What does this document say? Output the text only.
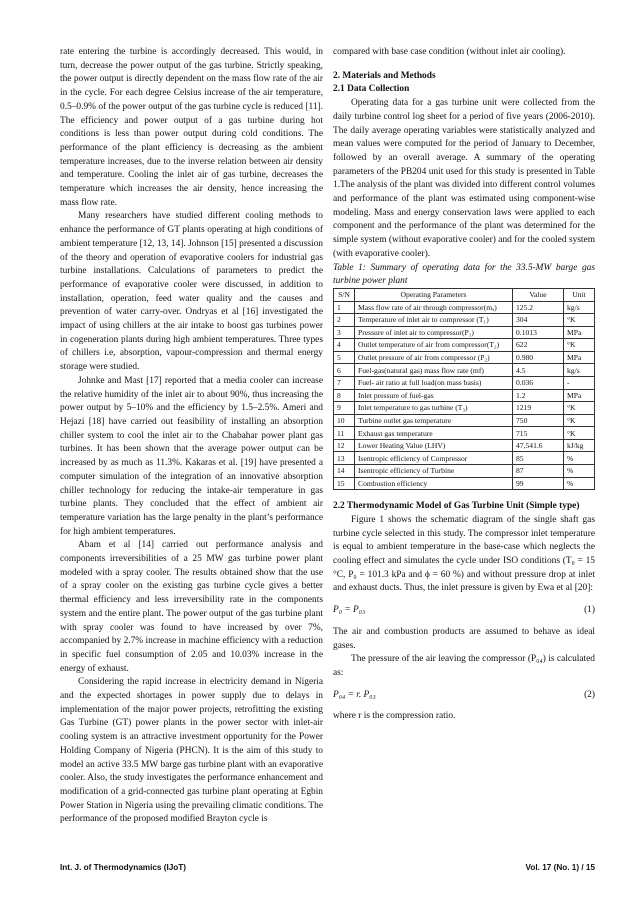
rate entering the turbine is accordingly decreased. This would, in turn, decrease the power output of the gas turbine. Strictly speaking, the power output is directly dependent on the mass flow rate of the air in the cycle. For each degree Celsius increase of the air temperature, 0.5–0.9% of the power output of the gas turbine cycle is reduced [11]. The efficiency and power output of a gas turbine during hot conditions is less than power output during cold conditions. The performance of the plant efficiency is decreasing as the ambient temperature increases, due to the inverse relation between air density and temperature. Cooling the inlet air of gas turbine, decreases the temperature which increases the air density, hence increasing the mass flow rate.

Many researchers have studied different cooling methods to enhance the performance of GT plants operating at high conditions of ambient temperature [12, 13, 14]. Johnson [15] presented a discussion of the theory and operation of evaporative coolers for industrial gas turbine installations. Calculations of parameters to predict the performance of evaporative cooler were discussed, in addition to installation, operation, feed water quality and the causes and prevention of water carry-over. Ondryas et al [16] investigated the impact of using chillers at the air intake to boost gas turbines power in cogeneration plants during high ambient temperatures. Three types of chillers i.e, absorption, vapour-compression and thermal energy storage were studied.

Johnke and Mast [17] reported that a media cooler can increase the relative humidity of the inlet air to about 90%, thus increasing the power output by 5–10% and the efficiency by 1.5–2.5%. Ameri and Hejazi [18] have carried out feasibility of installing an absorption chiller system to cool the inlet air to the Chabahar power plant gas turbines. It has been shown that the average power output can be increased by as much as 11.3%. Kakaras et al. [19] have presented a computer simulation of the integration of an innovative absorption chiller technology for reducing the intake-air temperature in gas turbine plants. They concluded that the effect of ambient air temperature variation has the large penalty in the plant’s performance for high ambient temperatures.

Abam et al [14] carried out performance analysis and components irreversibilities of a 25 MW gas turbine power plant modeled with a spray cooler. The results obtained show that the use of a spray cooler on the existing gas turbine cycle gives a better thermal efficiency and less irreversibility rate in the components system and the entire plant. The power output of the gas turbine plant with spray cooler was found to have increased by over 7%, accompanied by 2.7% increase in machine efficiency with a reduction in specific fuel consumption of 2.05 and 10.03% increase in the energy of exhaust.

Considering the rapid increase in electricity demand in Nigeria and the expected shortages in power supply due to delays in implementation of the major power projects, retrofitting the existing Gas Turbine (GT) power plants in the power sector with inlet-air cooling system is an attractive investment opportunity for the Power Holding Company of Nigeria (PHCN). It is the aim of this study to model an active 33.5 MW barge gas turbine plant with an evaporative cooler. Also, the study investigates the performance enhancement and modification of a grid-connected gas turbine plant operating at Egbin Power Station in Nigeria using the prevailing climatic conditions. The performance of the proposed modified Brayton cycle is

compared with base case condition (without inlet air cooling).

2. Materials and Methods

2.1 Data Collection

Operating data for a gas turbine unit were collected from the daily turbine control log sheet for a period of five years (2006-2010). The daily average operating variables were statistically analyzed and mean values were computed for the period of January to December, followed by an overall average. A summary of the operating parameters of the PB204 unit used for this study is presented in Table 1.The analysis of the plant was divided into different control volumes and performance of the plant was estimated using component-wise modeling. Mass and energy conservation laws were applied to each component and the performance of the plant was determined for the simple system (without evaporative cooler) and for the cooled system (with evaporative cooler).

Table 1: Summary of operating data for the 33.5-MW barge gas turbine power plant

S/N	Operating Parameters	Value	Unit
1	Mass flow rate of air through compressor(mₐ)	125.2	kg/s
2	Temperature of inlet air to compressor (T₁)	304	°K
3	Pressure of inlet air to compressor(P₁)	0.1013	MPa
4	Outlet temperature of air from compressor(T₂)	622	°K
5	Outlet pressure of air from compressor (P₂)	0.980	MPa
6	Fuel-gas(natural gas) mass flow rate (mf)	4.5	kg/s
7	Fuel- air ratio at full load(on mass basis)	0.036	-
8	Inlet pressure of fuel-gas	1.2	MPa
9	Inlet temperature to gas turbine (T₃)	1219	°K
10	Turbine outlet gas temperature	750	°K
11	Exhaust gas temperature	715	°K
12	Lower Heating Value (LHV)	47,541.6	kJ/kg
13	Isentropic efficiency of Compressor	85	%
14	Isentropic efficiency of Turbine	87	%
15	Combustion efficiency	99	%

2.2 Thermodynamic Model of Gas Turbine Unit (Simple type)

Figure 1 shows the schematic diagram of the single shaft gas turbine cycle selected in this study. The compressor inlet temperature is equal to ambient temperature in the base-case which neglects the cooling effect and simulates the cycle under ISO conditions (T₀ = 15 °C, P₀ = 101.3 kPa and ϕ = 60 %) and without pressure drop at inlet and exhaust ducts. Thus, the inlet pressure is given by Ewa et al [20]:

P₀ = P₀₃	(1)

The air and combustion products are assumed to behave as ideal gases.

The pressure of the air leaving the compressor (P₀₄) is calculated as:

P₀₄ = r. P₀₃	(2)

where r is the compression ratio.

Int. J. of Thermodynamics (IJoT)	Vol. 17 (No. 1) / 15
